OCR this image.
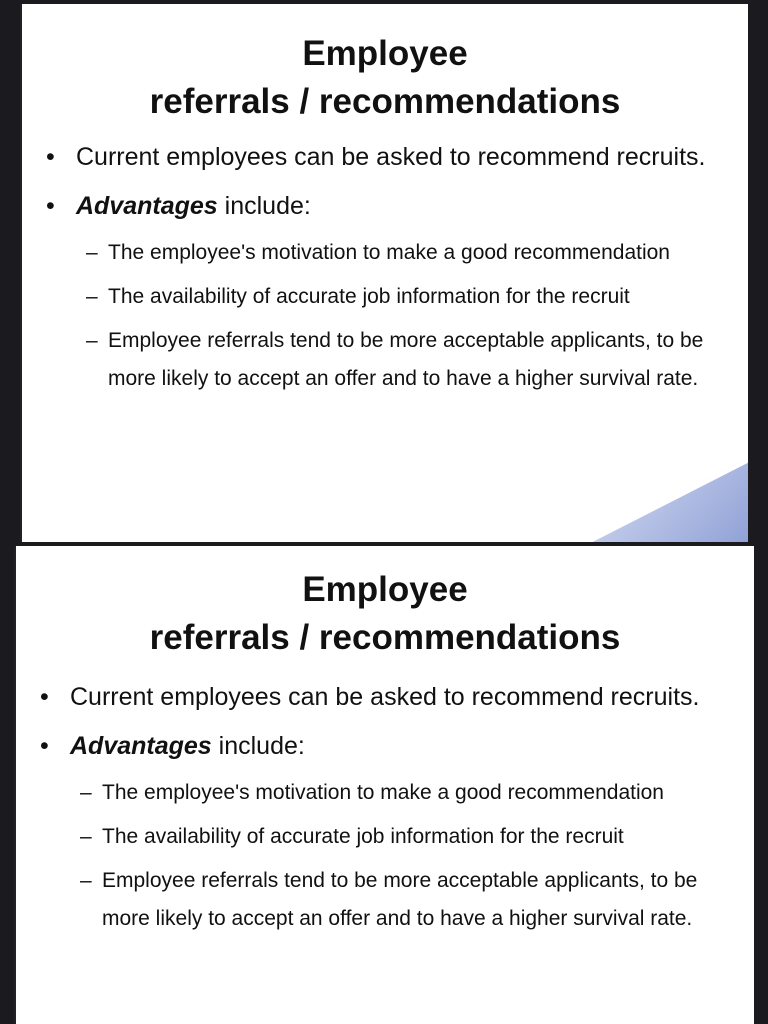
Employee
referrals / recommendations
• Current employees can be asked to recommend recruits.
• Advantages include:
– The employee's motivation to make a good recommendation
– The availability of accurate job information for the recruit
– Employee referrals tend to be more acceptable applicants, to be more likely to accept an offer and to have a higher survival rate.
Employee
referrals / recommendations
• Current employees can be asked to recommend recruits.
• Advantages include:
– The employee's motivation to make a good recommendation
– The availability of accurate job information for the recruit
– Employee referrals tend to be more acceptable applicants, to be more likely to accept an offer and to have a higher survival rate.
